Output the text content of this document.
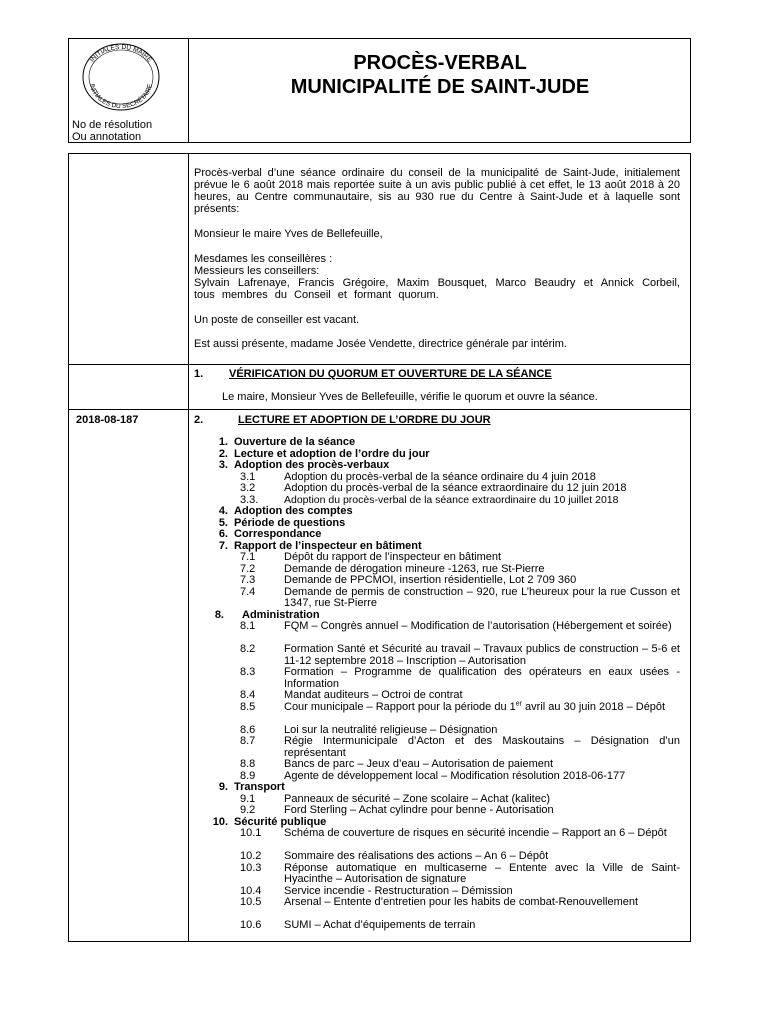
INITIALES DU MAIRE
INITIALES DU SECRÉTAIRE
No de résolution
Ou annotation
PROCÈS-VERBAL
MUNICIPALITÉ DE SAINT-JUDE
Procès-verbal d’une séance ordinaire du conseil de la municipalité de Saint-Jude, initialement prévue le 6 août 2018 mais reportée suite à un avis public publié à cet effet, le 13 août 2018 à 20 heures, au Centre communautaire, sis au 930 rue du Centre à Saint-Jude et à laquelle sont présents:
Monsieur le maire Yves de Bellefeuille,
Mesdames les conseillères :
Messieurs les conseillers:
Sylvain Lafrenaye, Francis Grégoire, Maxim Bousquet, Marco Beaudry et Annick Corbeil, tous membres du Conseil et formant quorum.
Un poste de conseiller est vacant.
Est aussi présente, madame Josée Vendette, directrice générale par intérim.
1. VÉRIFICATION DU QUORUM ET OUVERTURE DE LA SÉANCE
Le maire, Monsieur Yves de Bellefeuille, vérifie le quorum et ouvre la séance.
2018-08-187	2.	LECTURE ET ADOPTION DE L’ORDRE DU JOUR
1. Ouverture de la séance
2. Lecture et adoption de l’ordre du jour
3. Adoption des procès-verbaux
3.1	Adoption du procès-verbal de la séance ordinaire du 4 juin 2018
3.2	Adoption du procès-verbal de la séance extraordinaire du 12 juin 2018
3.3. Adoption du procès-verbal de la séance extraordinaire du 10 juillet 2018
4. Adoption des comptes
5. Période de questions
6. Correspondance
7. Rapport de l’inspecteur en bâtiment
7.1	Dépôt du rapport de l’inspecteur en bâtiment
7.2	Demande de dérogation mineure -1263, rue St-Pierre
7.3	Demande de PPCMOI, insertion résidentielle, Lot 2 709 360
7.4	Demande de permis de construction – 920, rue L’heureux pour la rue Cusson et 1347, rue St-Pierre
8. Administration
8.1	FQM – Congrès annuel – Modification de l’autorisation (Hébergement et soirée)
8.2	Formation Santé et Sécurité au travail – Travaux publics de construction – 5-6 et 11-12 septembre 2018 – Inscription – Autorisation
8.3	Formation – Programme de qualification des opérateurs en eaux usées - Information
8.4	Mandat auditeurs – Octroi de contrat
8.5	Cour municipale – Rapport pour la période du 1er avril au 30 juin 2018 – Dépôt
8.6	Loi sur la neutralité religieuse – Désignation
8.7	Régie Intermunicipale d’Acton et des Maskoutains – Désignation d’un représentant
8.8	Bancs de parc – Jeux d’eau – Autorisation de paiement
8.9	Agente de développement local – Modification résolution 2018-06-177
9. Transport
9.1	Panneaux de sécurité – Zone scolaire – Achat (kalitec)
9.2	Ford Sterling – Achat cylindre pour benne - Autorisation
10. Sécurité publique
10.1 Schéma de couverture de risques en sécurité incendie – Rapport an 6 – Dépôt
10.2 Sommaire des réalisations des actions – An 6 – Dépôt
10.3 Réponse automatique en multicaserne – Entente avec la Ville de Saint-Hyacinthe – Autorisation de signature
10.4 Service incendie - Restructuration – Démission
10.5 Arsenal – Entente d’entretien pour les habits de combat-Renouvellement
10.6 SUMI – Achat d’équipements de terrain
